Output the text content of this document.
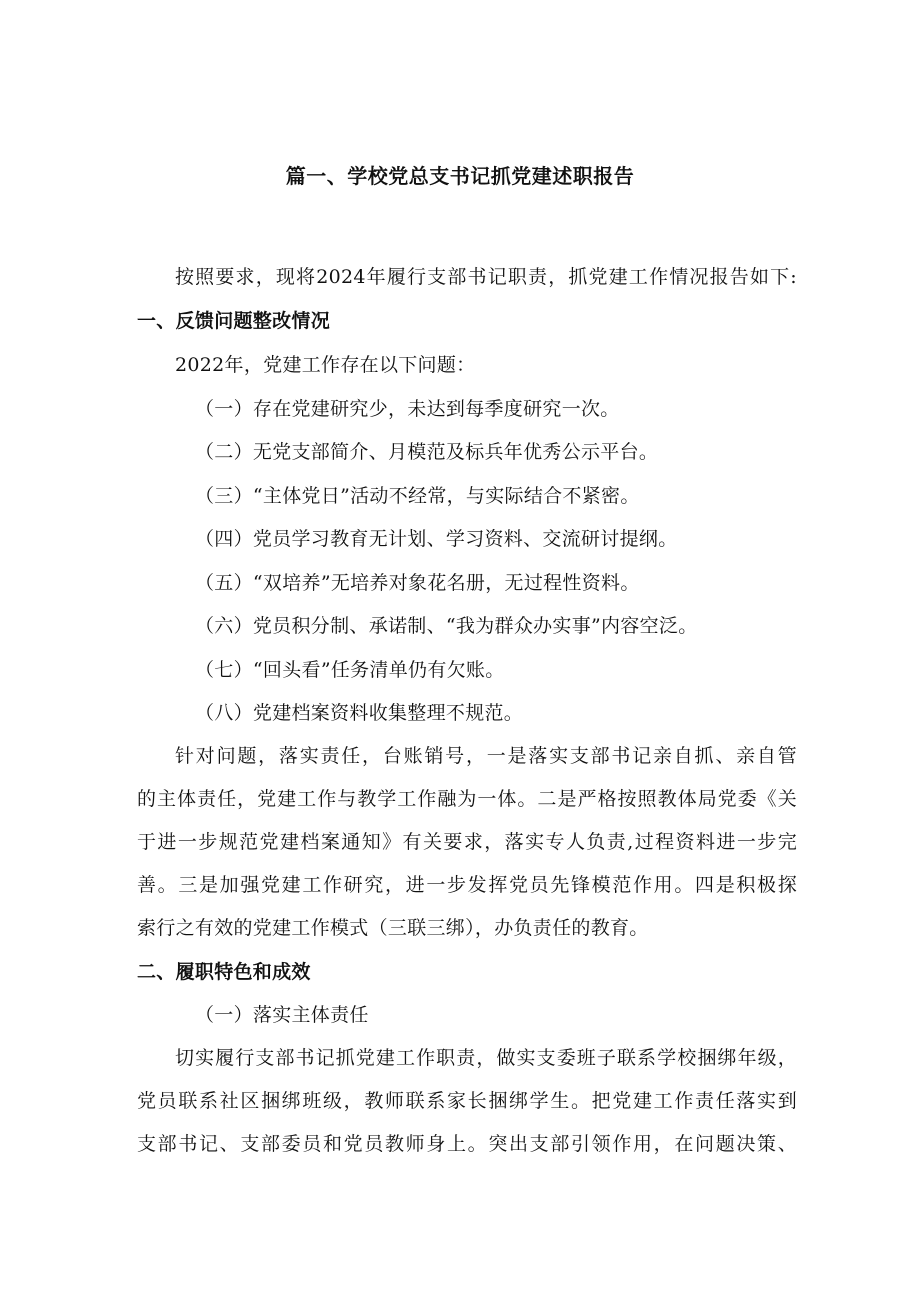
篇一、学校党总支书记抓党建述职报告
按照要求，现将2024年履行支部书记职责，抓党建工作情况报告如下:
一、反馈问题整改情况
2022年，党建工作存在以下问题：
（一）存在党建研究少，未达到每季度研究一次。
（二）无党支部简介、月模范及标兵年优秀公示平台。
（三）“主体党日”活动不经常，与实际结合不紧密。
（四）党员学习教育无计划、学习资料、交流研讨提纲。
（五）“双培养”无培养对象花名册，无过程性资料。
（六）党员积分制、承诺制、“我为群众办实事”内容空泛。
（七）“回头看”任务清单仍有欠账。
（八）党建档案资料收集整理不规范。
针对问题，落实责任，台账销号，一是落实支部书记亲自抓、亲自管
的主体责任，党建工作与教学工作融为一体。二是严格按照教体局党委《关
于进一步规范党建档案通知》有关要求，落实专人负责,过程资料进一步完
善。三是加强党建工作研究，进一步发挥党员先锋模范作用。四是积极探
索行之有效的党建工作模式（三联三绑），办负责任的教育。
二、履职特色和成效
（一）落实主体责任
切实履行支部书记抓党建工作职责，做实支委班子联系学校捆绑年级，
党员联系社区捆绑班级，教师联系家长捆绑学生。把党建工作责任落实到
支部书记、支部委员和党员教师身上。突出支部引领作用，在问题决策、
